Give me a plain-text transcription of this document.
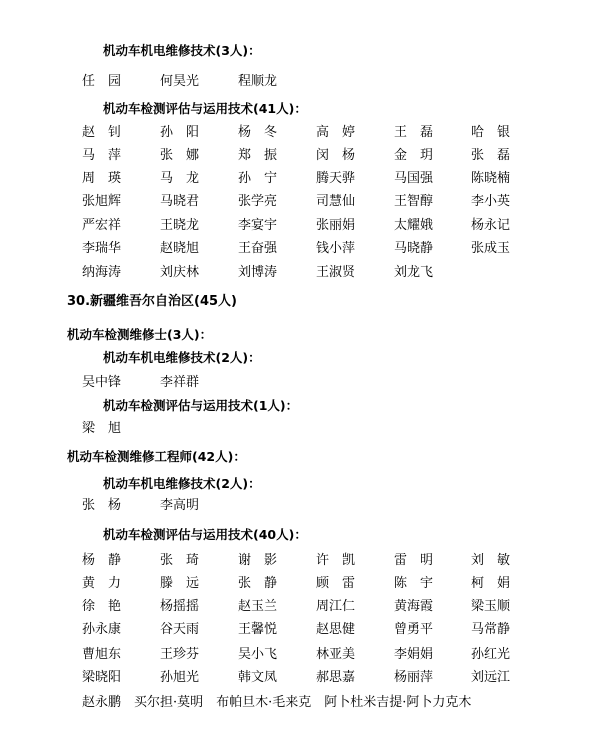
机动车机电维修技术(3人)：
任　园	何昊光	程顺龙
机动车检测评估与运用技术(41人)：
赵　钊	孙　阳	杨　冬	高　婷	王　磊	哈　银
马　萍	张　娜	郑　振	闵　杨	金　玥	张　磊
周　瑛	马　龙	孙　宁	腾天骅	马国强	陈晓楠
张旭辉	马晓君	张学亮	司慧仙	王智醇	李小英
严宏祥	王晓龙	李宴宇	张丽娟	太耀娥	杨永记
李瑞华	赵晓旭	王奋强	钱小萍	马晓静	张成玉
纳海涛	刘庆林	刘博涛	王淑贤	刘龙飞
30.新疆维吾尔自治区(45人)
机动车检测维修士(3人)：
机动车机电维修技术(2人)：
吴中锋	李祥群
机动车检测评估与运用技术(1人)：
梁　旭
机动车检测维修工程师(42人)：
机动车机电维修技术(2人)：
张　杨	李高明
机动车检测评估与运用技术(40人)：
杨　静	张　琦	谢　影	许　凯	雷　明	刘　敏
黄　力	滕　远	张　静	顾　雷	陈　宇	柯　娟
徐　艳	杨摇摇	赵玉兰	周江仁	黄海霞	梁玉顺
孙永康	谷天雨	王馨悦	赵思健	曾勇平	马常静
曹旭东	王珍芬	吴小飞	林亚美	李娟娟	孙红光
梁晓阳	孙旭光	韩文凤	郝思嘉	杨丽萍	刘远江
赵永鹏　买尔担·莫明　布帕旦木·毛来克　阿卜杜米吉提·阿卜力克木
